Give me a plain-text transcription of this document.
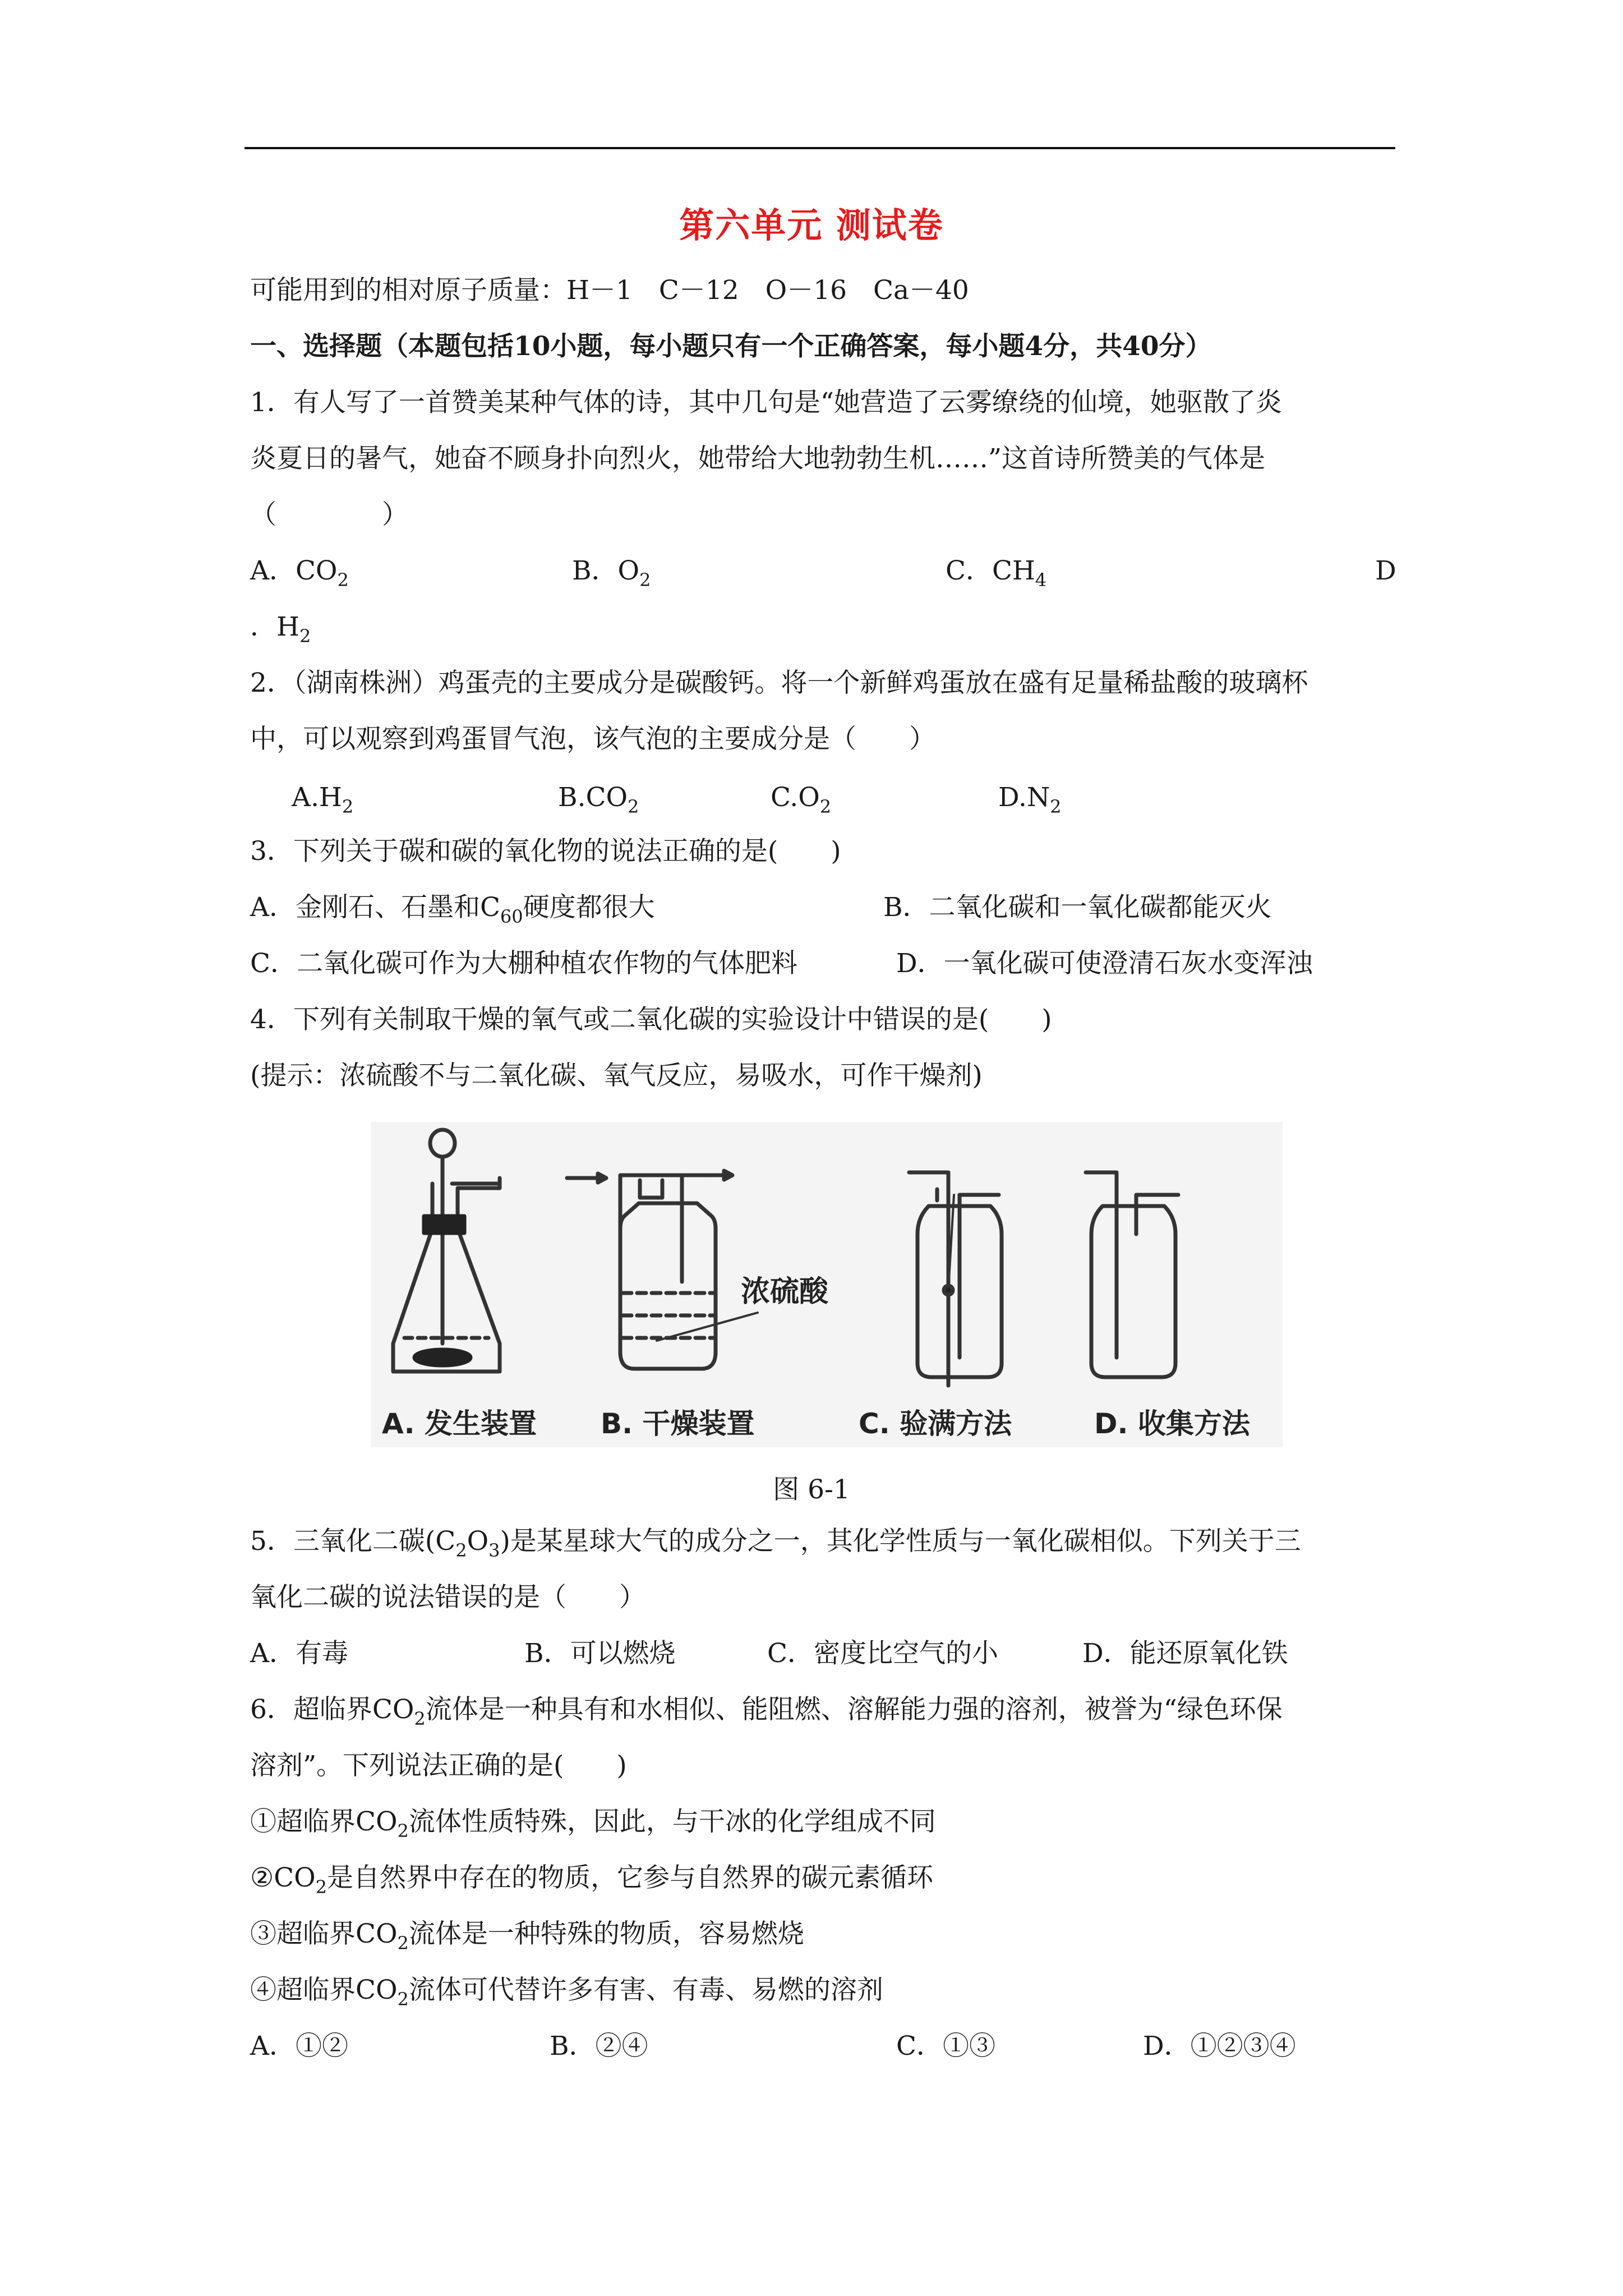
第六单元 测试卷
可能用到的相对原子质量：H－1　C－12　O－16　Ca－40
一、选择题（本题包括10小题，每小题只有一个正确答案，每小题4分，共40分）
1．有人写了一首赞美某种气体的诗，其中几句是“她营造了云雾缭绕的仙境，她驱散了炎
炎夏日的暑气，她奋不顾身扑向烈火，她带给大地勃勃生机……”这首诗所赞美的气体是
（　　　　）
A．$CO_2$	B．$O_2$	C．$CH_4$	D
．$H_2$
2．（湖南株洲）鸡蛋壳的主要成分是碳酸钙。将一个新鲜鸡蛋放在盛有足量稀盐酸的玻璃杯
中，可以观察到鸡蛋冒气泡，该气泡的主要成分是（　　）
$A.H_2$	$B.CO_2$	$C.O_2$	$D.N_2$
3．下列关于碳和碳的氧化物的说法正确的是(　　)
A．金刚石、石墨和$C_{60}$硬度都很大	B．二氧化碳和一氧化碳都能灭火
C．二氧化碳可作为大棚种植农作物的气体肥料	D．一氧化碳可使澄清石灰水变浑浊
4．下列有关制取干燥的氧气或二氧化碳的实验设计中错误的是(　　)
(提示：浓硫酸不与二氧化碳、氧气反应，易吸水，可作干燥剂)
浓硫酸
A. 发生装置 B. 干燥装置	C. 验满方法	D. 收集方法
图 6-1
5．三氧化二碳$(C_2O_3)$是某星球大气的成分之一，其化学性质与一氧化碳相似。下列关于三
氧化二碳的说法错误的是（　　）
A．有毒	B．可以燃烧	C．密度比空气的小	D．能还原氧化铁
6．超临界$CO_2$流体是一种具有和水相似、能阻燃、溶解能力强的溶剂，被誉为“绿色环保
溶剂”。下列说法正确的是(　　)
①超临界$CO_2$流体性质特殊，因此，与干冰的化学组成不同
$②CO_2$是自然界中存在的物质，它参与自然界的碳元素循环
③超临界$CO_2$流体是一种特殊的物质，容易燃烧
④超临界$CO_2$流体可代替许多有害、有毒、易燃的溶剂
A．①②	B．②④	C．①③	D．①②③④
